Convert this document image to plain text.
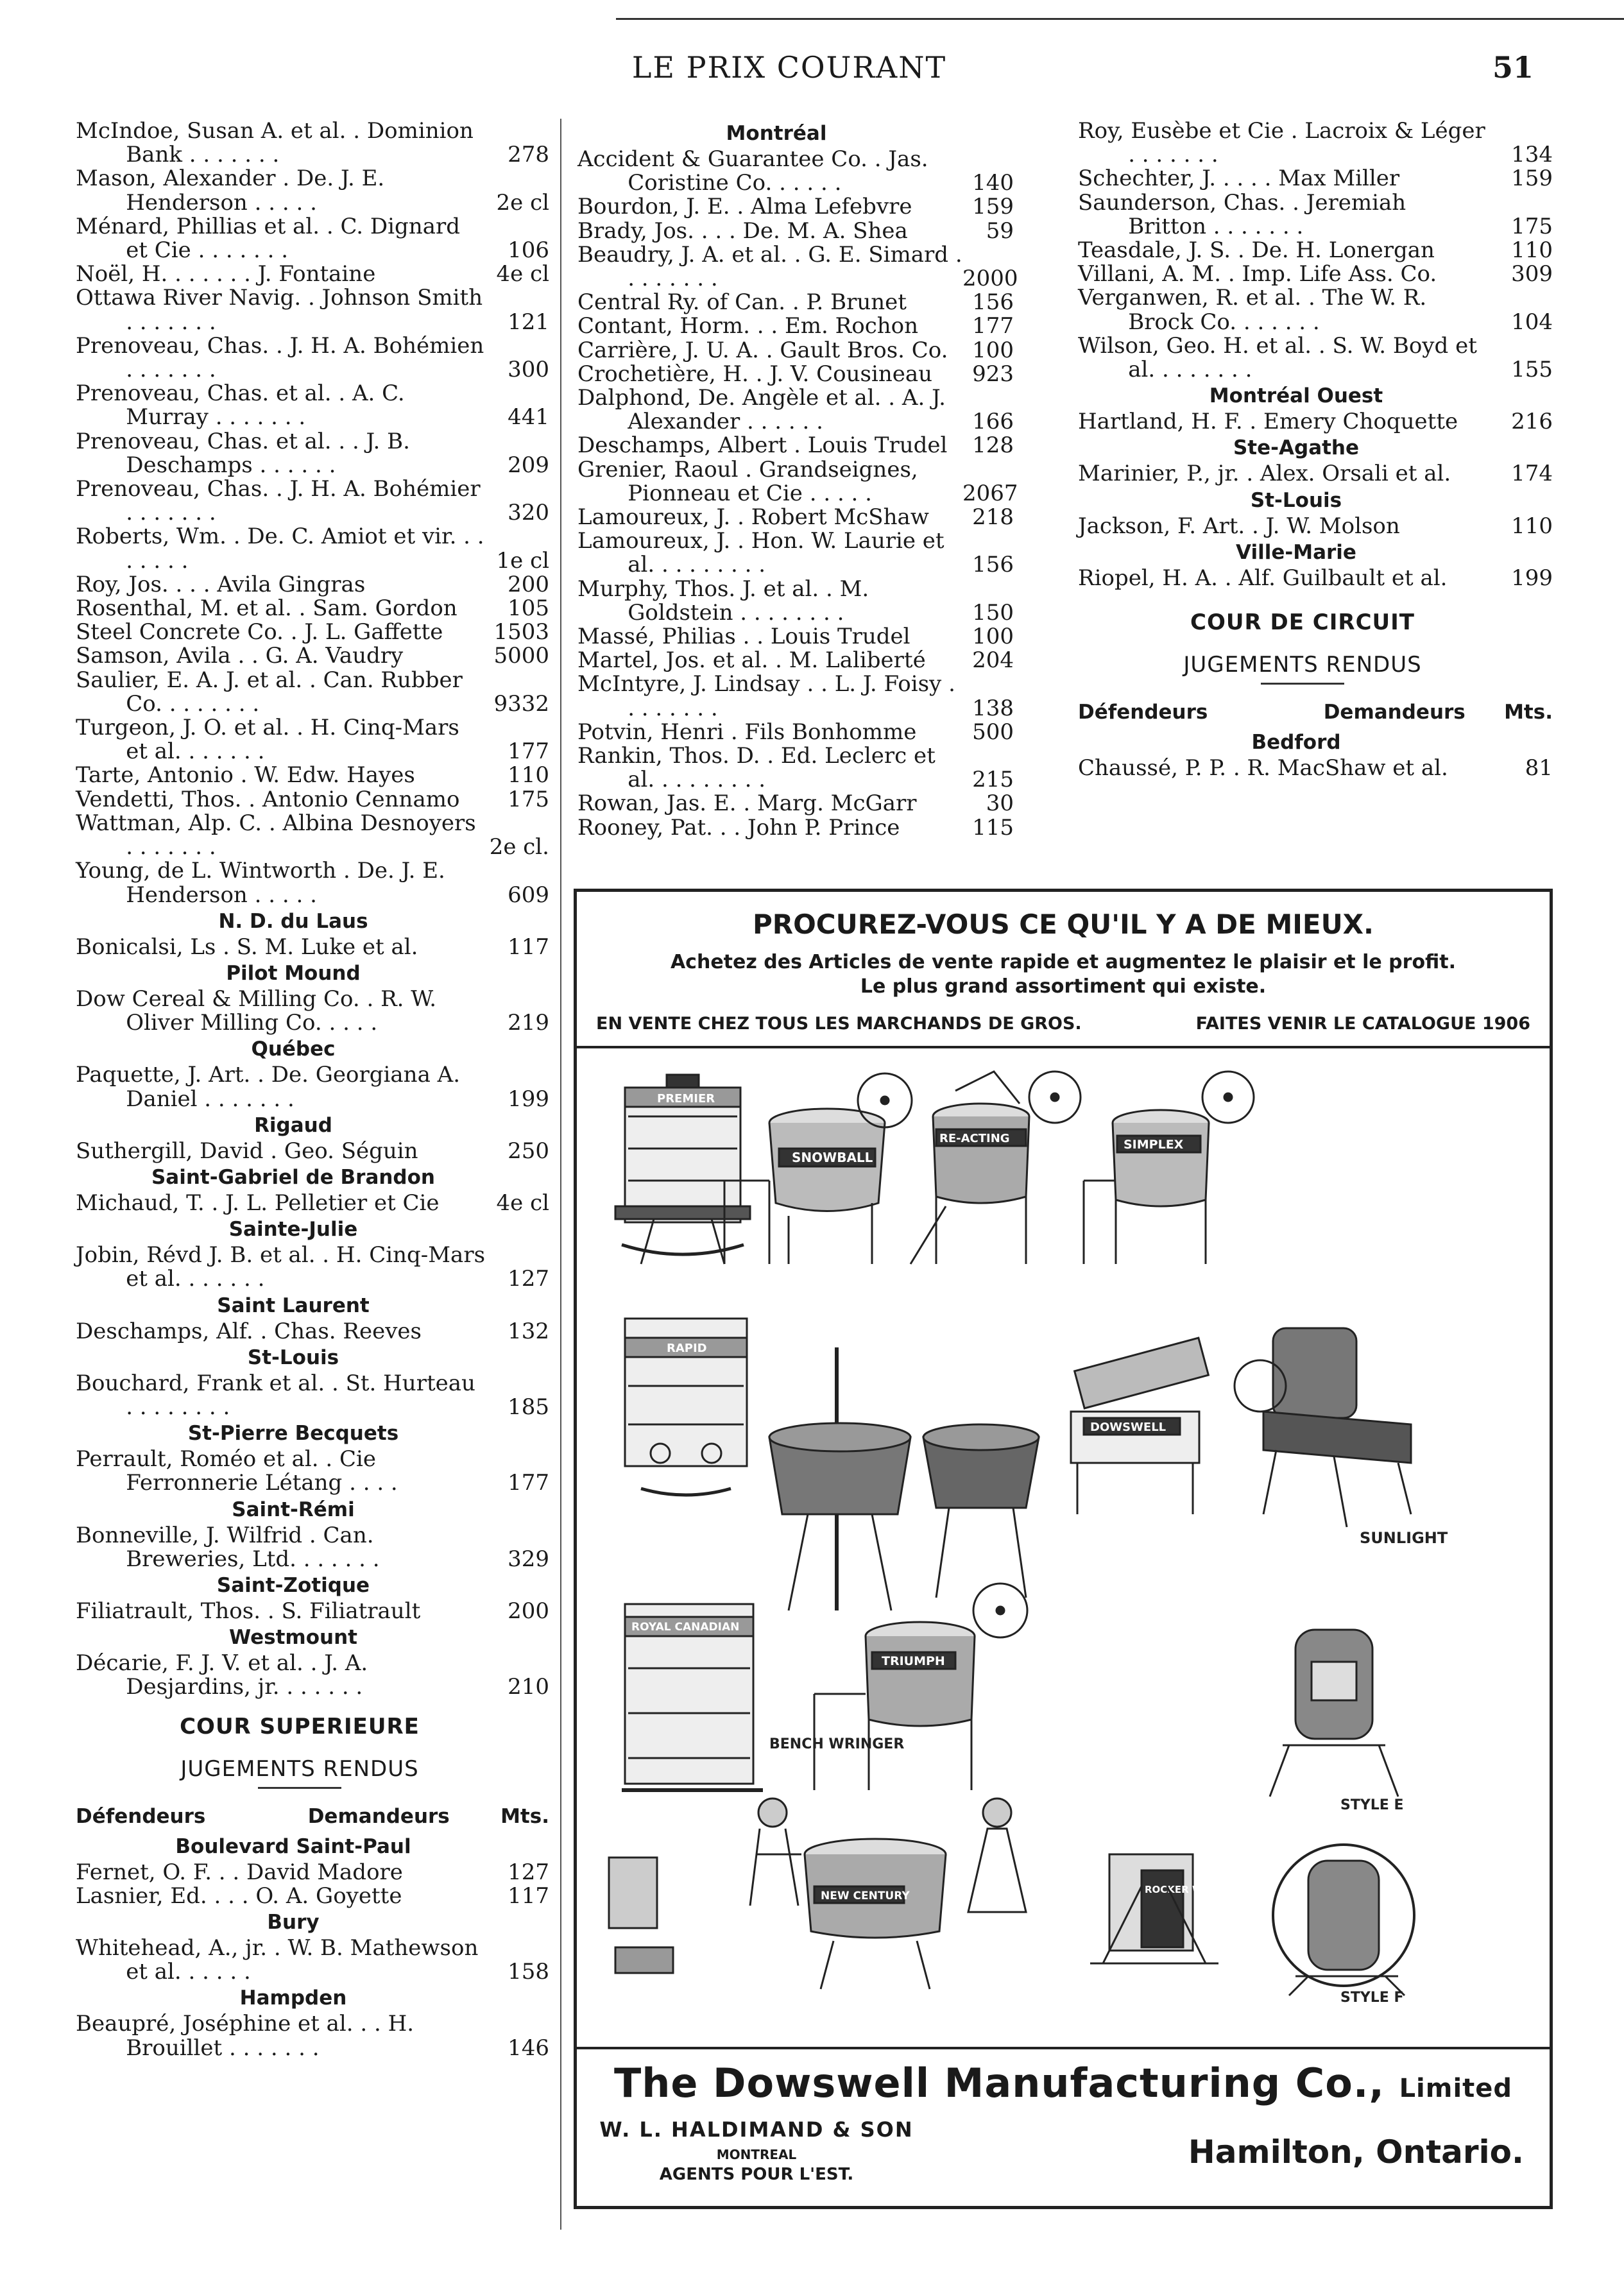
LE PRIX COURANT	51
McIndoe, Susan A. et al. . Dominion Bank . . . . . . .	278
Mason, Alexander . De. J. E. Henderson . . . . .	2e cl
Ménard, Phillias et al. . C. Dignard et Cie . . . . . . .	106
Noël, H. . . . . . . J. Fontaine	4e cl
Ottawa River Navig. . Johnson Smith . . . . . . .	121
Prenoveau, Chas. . J. H. A. Bohémien . . . . . . .	300
Prenoveau, Chas. et al. . A. C. Murray . . . . . . .	441
Prenoveau, Chas. et al. . . J. B. Deschamps . . . . . .	209
Prenoveau, Chas. . J. H. A. Bohémier . . . . . . .	320
Roberts, Wm. . De. C. Amiot et vir. . . . . . . .	1e cl
Roy, Jos. . . . Avila Gingras	200
Rosenthal, M. et al. . Sam. Gordon	105
Steel Concrete Co. . J. L. Gaffette	1503
Samson, Avila . . G. A. Vaudry	5000
Saulier, E. A. J. et al. . Can. Rubber Co. . . . . . . .	9332
Turgeon, J. O. et al. . H. Cinq-Mars et al. . . . . . .	177
Tarte, Antonio . W. Edw. Hayes	110
Vendetti, Thos. . Antonio Cennamo	175
Wattman, Alp. C. . Albina Desnoyers . . . . . . .	2e cl.
Young, de L. Wintworth . De. J. E. Henderson . . . . .	609
N. D. du Laus
Bonicalsi, Ls . S. M. Luke et al.	117
Pilot Mound
Dow Cereal & Milling Co. . R. W. Oliver Milling Co. . . . .	219
Québec
Paquette, J. Art. . De. Georgiana A. Daniel . . . . . . .	199
Rigaud
Suthergill, David . Geo. Séguin	250
Saint-Gabriel de Brandon
Michaud, T. . J. L. Pelletier et Cie	4e cl
Sainte-Julie
Jobin, Révd J. B. et al. . H. Cinq-Mars et al. . . . . . .	127
Saint Laurent
Deschamps, Alf. . Chas. Reeves	132
St-Louis
Bouchard, Frank et al. . St. Hurteau . . . . . . . .	185
St-Pierre Becquets
Perrault, Roméo et al. . Cie Ferronnerie Létang . . . .	177
Saint-Rémi
Bonneville, J. Wilfrid . Can. Breweries, Ltd. . . . . . .	329
Saint-Zotique
Filiatrault, Thos. . S. Filiatrault	200
Westmount
Décarie, F. J. V. et al. . J. A. Desjardins, jr. . . . . . .	210
COUR SUPERIEURE
JUGEMENTS RENDUS
Défendeurs	Demandeurs	Mts.
Boulevard Saint-Paul
Fernet, O. F. . . David Madore	127
Lasnier, Ed. . . . O. A. Goyette	117
Bury
Whitehead, A., jr. . W. B. Mathewson et al. . . . . .	158
Hampden
Beaupré, Joséphine et al. . . H. Brouillet . . . . . . .	146
Montréal
Accident & Guarantee Co. . Jas. Coristine Co. . . . . .	140
Bourdon, J. E. . Alma Lefebvre	159
Brady, Jos. . . . De. M. A. Shea	59
Beaudry, J. A. et al. . G. E. Simard . . . . . . . .	2000
Central Ry. of Can. . P. Brunet	156
Contant, Horm. . . Em. Rochon	177
Carrière, J. U. A. . Gault Bros. Co.	100
Crochetière, H. . J. V. Cousineau	923
Dalphond, De. Angèle et al. . A. J. Alexander . . . . . .	166
Deschamps, Albert . Louis Trudel	128
Grenier, Raoul . Grandseignes, Pionneau et Cie . . . . .	2067
Lamoureux, J. . Robert McShaw	218
Lamoureux, J. . Hon. W. Laurie et al. . . . . . . . .	156
Murphy, Thos. J. et al. . M. Goldstein . . . . . . . .	150
Massé, Philias . . Louis Trudel	100
Martel, Jos. et al. . M. Laliberté	204
McIntyre, J. Lindsay . . L. J. Foisy . . . . . . . .	138
Potvin, Henri . Fils Bonhomme	500
Rankin, Thos. D. . Ed. Leclerc et al. . . . . . . . .	215
Rowan, Jas. E. . Marg. McGarr	30
Rooney, Pat. . . John P. Prince	115
Roy, Eusèbe et Cie . Lacroix & Léger . . . . . . .	134
Schechter, J. . . . . Max Miller	159
Saunderson, Chas. . Jeremiah Britton . . . . . . .	175
Teasdale, J. S. . De. H. Lonergan	110
Villani, A. M. . Imp. Life Ass. Co.	309
Verganwen, R. et al. . The W. R. Brock Co. . . . . . .	104
Wilson, Geo. H. et al. . S. W. Boyd et al. . . . . . . .	155
Montréal Ouest
Hartland, H. F. . Emery Choquette	216
Ste-Agathe
Marinier, P., jr. . Alex. Orsali et al.	174
St-Louis
Jackson, F. Art. . J. W. Molson	110
Ville-Marie
Riopel, H. A. . Alf. Guilbault et al.	199
COUR DE CIRCUIT
JUGEMENTS RENDUS
Défendeurs	Demandeurs Mts.
Bedford
Chaussé, P. P. . R. MacShaw et al.	81
PROCUREZ-VOUS CE QU'IL Y A DE MIEUX.
Achetez des Articles de vente rapide et augmentez le plaisir et le profit.
Le plus grand assortiment qui existe.
EN VENTE CHEZ TOUS LES MARCHANDS DE GROS.	FAITES VENIR LE CATALOGUE 1906
PREMIER
SNOWBALL
RE-ACTING	SIMPLEX
RAPID
DOWSWELL
SUNLIGHT
ROYAL CANADIAN
BENCH WRINGER
TRIUMPH
STYLE E
NEW CENTURY	ROCKER WASHER
STYLE F
The Dowswell Manufacturing Co., Limited
W. L. HALDIMAND & SON
MONTREAL
AGENTS POUR L'EST.
Hamilton, Ontario.
